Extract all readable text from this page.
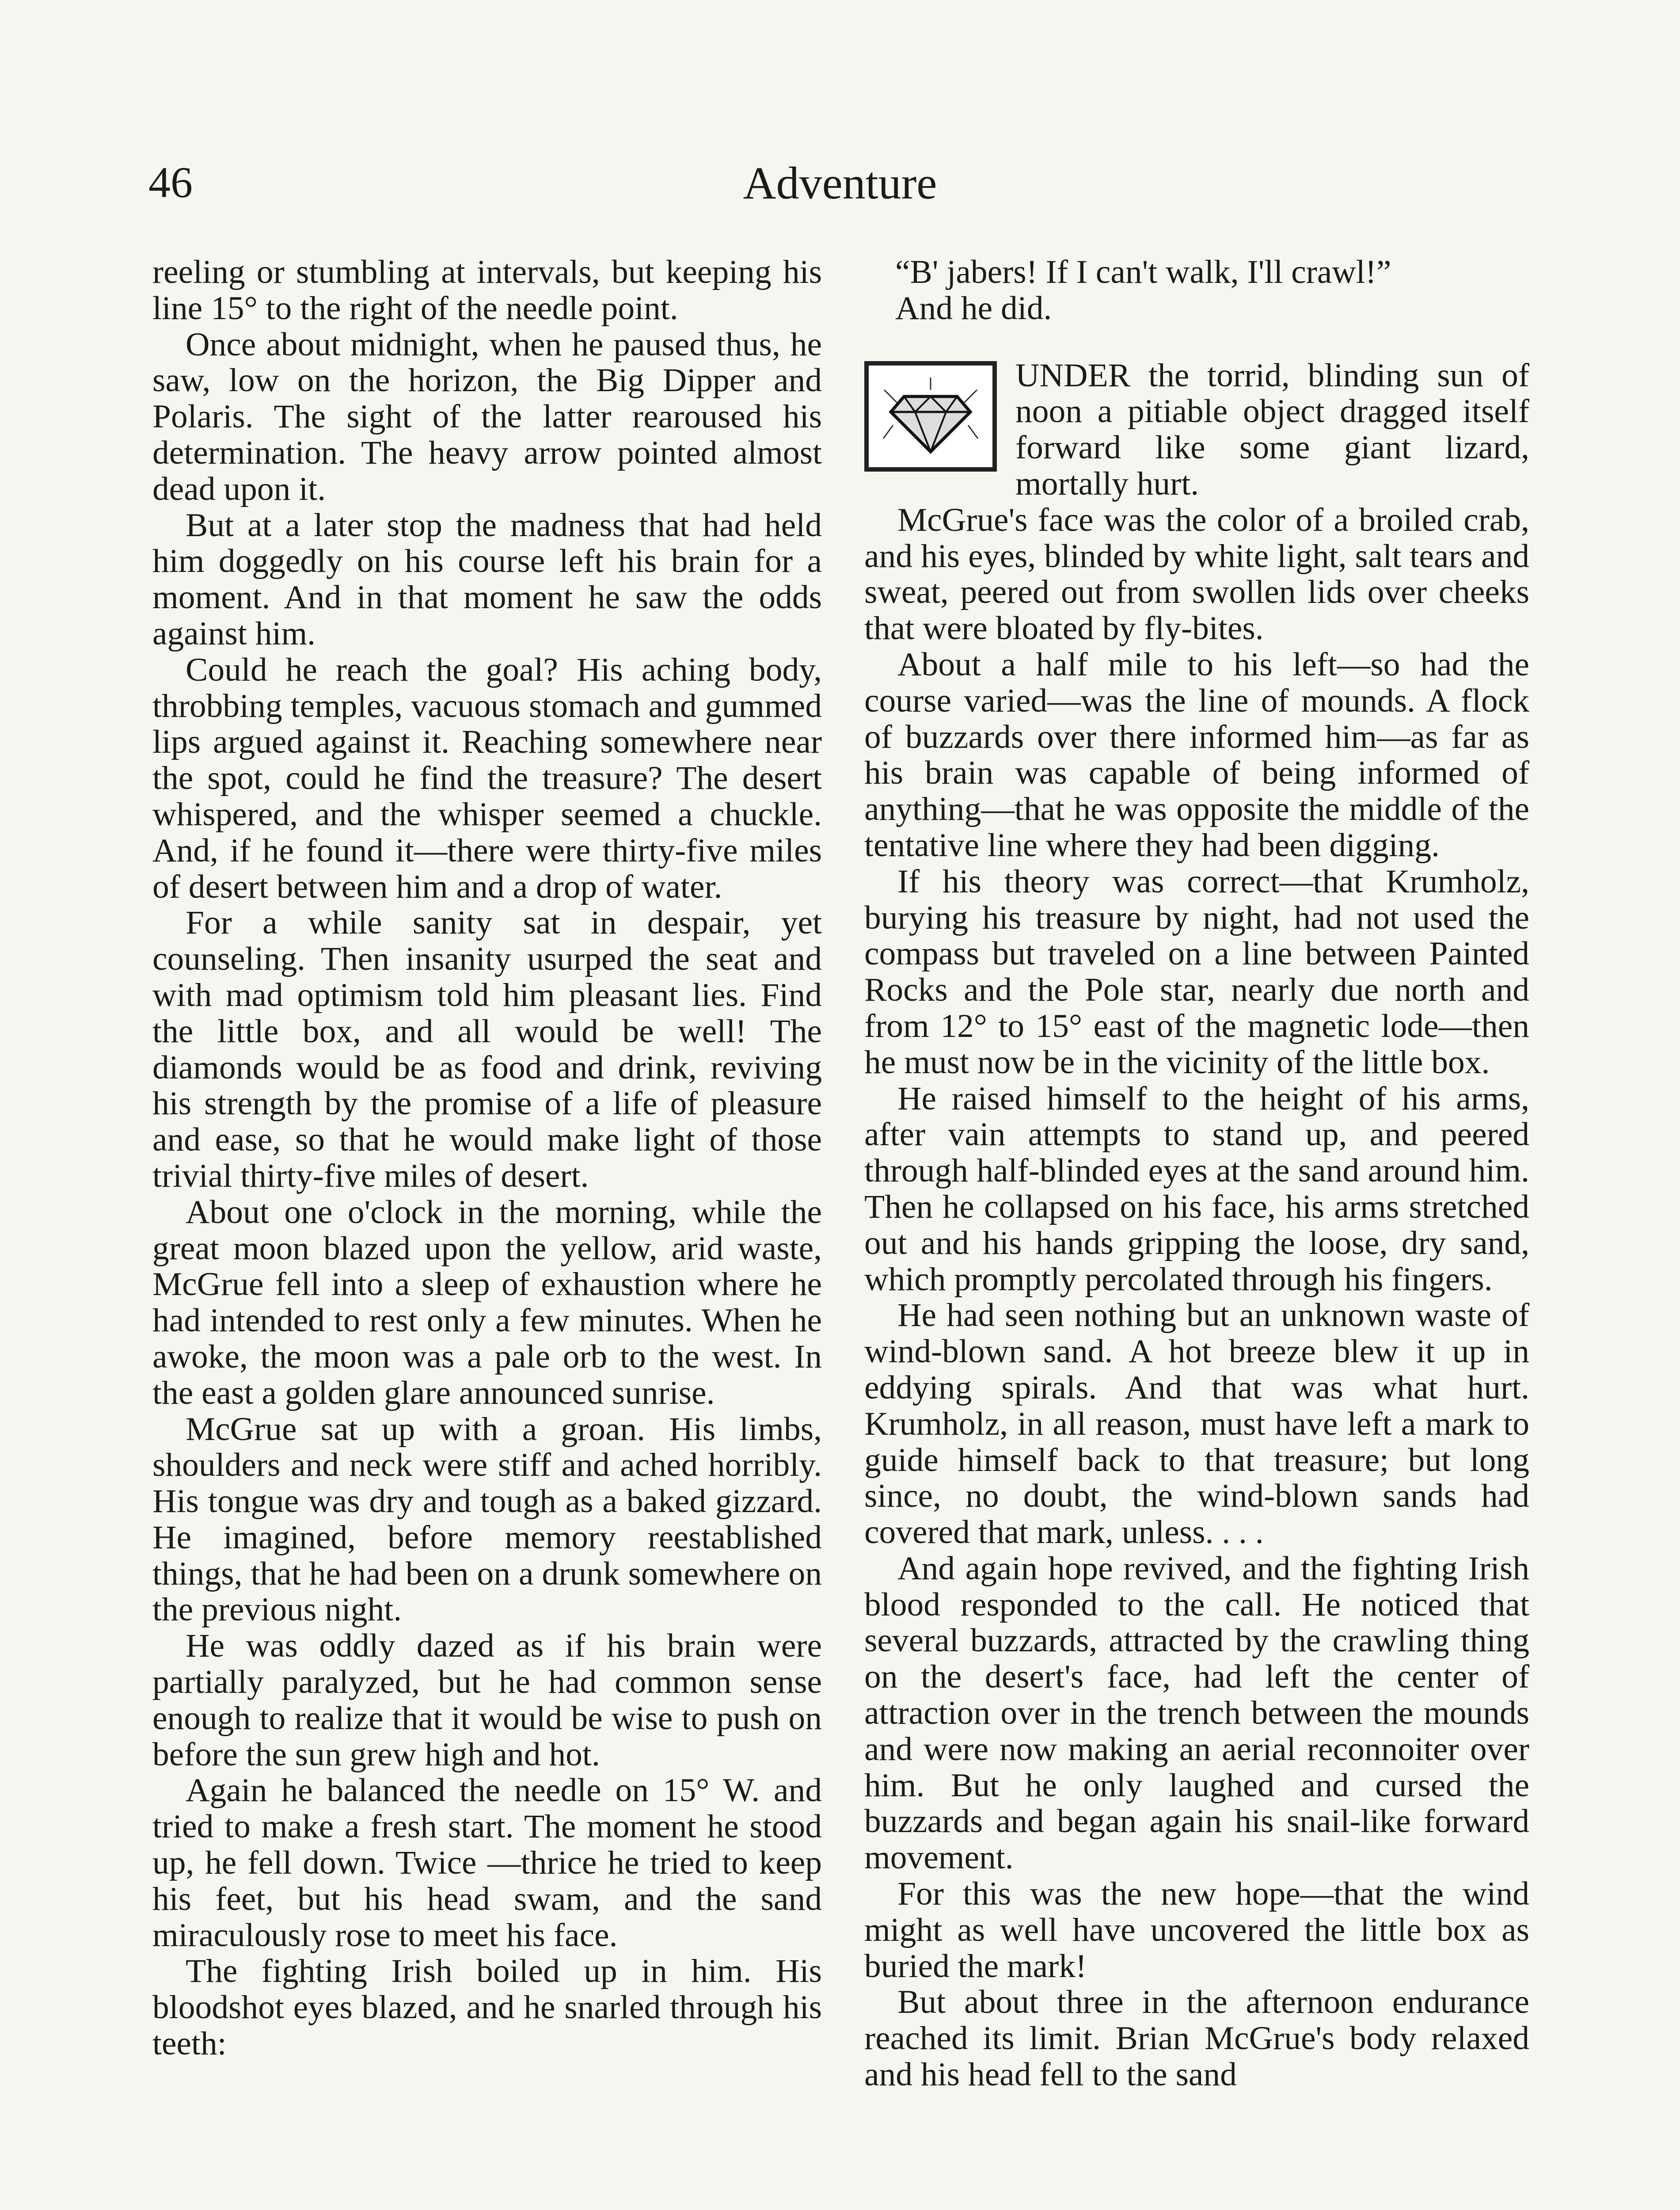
46	Adventure

reeling or stumbling at intervals, but keeping his line 15° to the right of the needle point.

Once about midnight, when he paused thus, he saw, low on the horizon, the Big Dipper and Polaris. The sight of the latter rearoused his determination. The heavy arrow pointed almost dead upon it.

But at a later stop the madness that had held him doggedly on his course left his brain for a moment. And in that moment he saw the odds against him.

Could he reach the goal? His aching body, throbbing temples, vacuous stomach and gummed lips argued against it. Reaching somewhere near the spot, could he find the treasure? The desert whispered, and the whisper seemed a chuckle. And, if he found it—there were thirty-five miles of desert between him and a drop of water.

For a while sanity sat in despair, yet counseling. Then insanity usurped the seat and with mad optimism told him pleasant lies. Find the little box, and all would be well! The diamonds would be as food and drink, reviving his strength by the promise of a life of pleasure and ease, so that he would make light of those trivial thirty-five miles of desert.

About one o'clock in the morning, while the great moon blazed upon the yellow, arid waste, McGrue fell into a sleep of exhaustion where he had intended to rest only a few minutes. When he awoke, the moon was a pale orb to the west. In the east a golden glare announced sunrise.

McGrue sat up with a groan. His limbs, shoulders and neck were stiff and ached horribly. His tongue was dry and tough as a baked gizzard. He imagined, before memory reestablished things, that he had been on a drunk somewhere on the previous night.

He was oddly dazed as if his brain were partially paralyzed, but he had common sense enough to realize that it would be wise to push on before the sun grew high and hot.

Again he balanced the needle on 15° W. and tried to make a fresh start. The moment he stood up, he fell down. Twice —thrice he tried to keep his feet, but his head swam, and the sand miraculously rose to meet his face.

The fighting Irish boiled up in him. His bloodshot eyes blazed, and he snarled through his teeth:

“B' jabers! If I can't walk, I'll crawl!”

And he did.

UNDER the torrid, blinding sun of noon a pitiable object dragged itself forward like some giant lizard, mortally hurt.

McGrue's face was the color of a broiled crab, and his eyes, blinded by white light, salt tears and sweat, peered out from swollen lids over cheeks that were bloated by fly-bites.

About a half mile to his left—so had the course varied—was the line of mounds. A flock of buzzards over there informed him—as far as his brain was capable of being informed of anything—that he was opposite the middle of the tentative line where they had been digging.

If his theory was correct—that Krumholz, burying his treasure by night, had not used the compass but traveled on a line between Painted Rocks and the Pole star, nearly due north and from 12° to 15° east of the magnetic lode—then he must now be in the vicinity of the little box.

He raised himself to the height of his arms, after vain attempts to stand up, and peered through half-blinded eyes at the sand around him. Then he collapsed on his face, his arms stretched out and his hands gripping the loose, dry sand, which promptly percolated through his fingers.

He had seen nothing but an unknown waste of wind-blown sand. A hot breeze blew it up in eddying spirals. And that was what hurt. Krumholz, in all reason, must have left a mark to guide himself back to that treasure; but long since, no doubt, the wind-blown sands had covered that mark, unless. . . .

And again hope revived, and the fighting Irish blood responded to the call. He noticed that several buzzards, attracted by the crawling thing on the desert's face, had left the center of attraction over in the trench between the mounds and were now making an aerial reconnoiter over him. But he only laughed and cursed the buzzards and began again his snail-like forward movement.

For this was the new hope—that the wind might as well have uncovered the little box as buried the mark!

But about three in the afternoon endurance reached its limit. Brian McGrue's body relaxed and his head fell to the sand
